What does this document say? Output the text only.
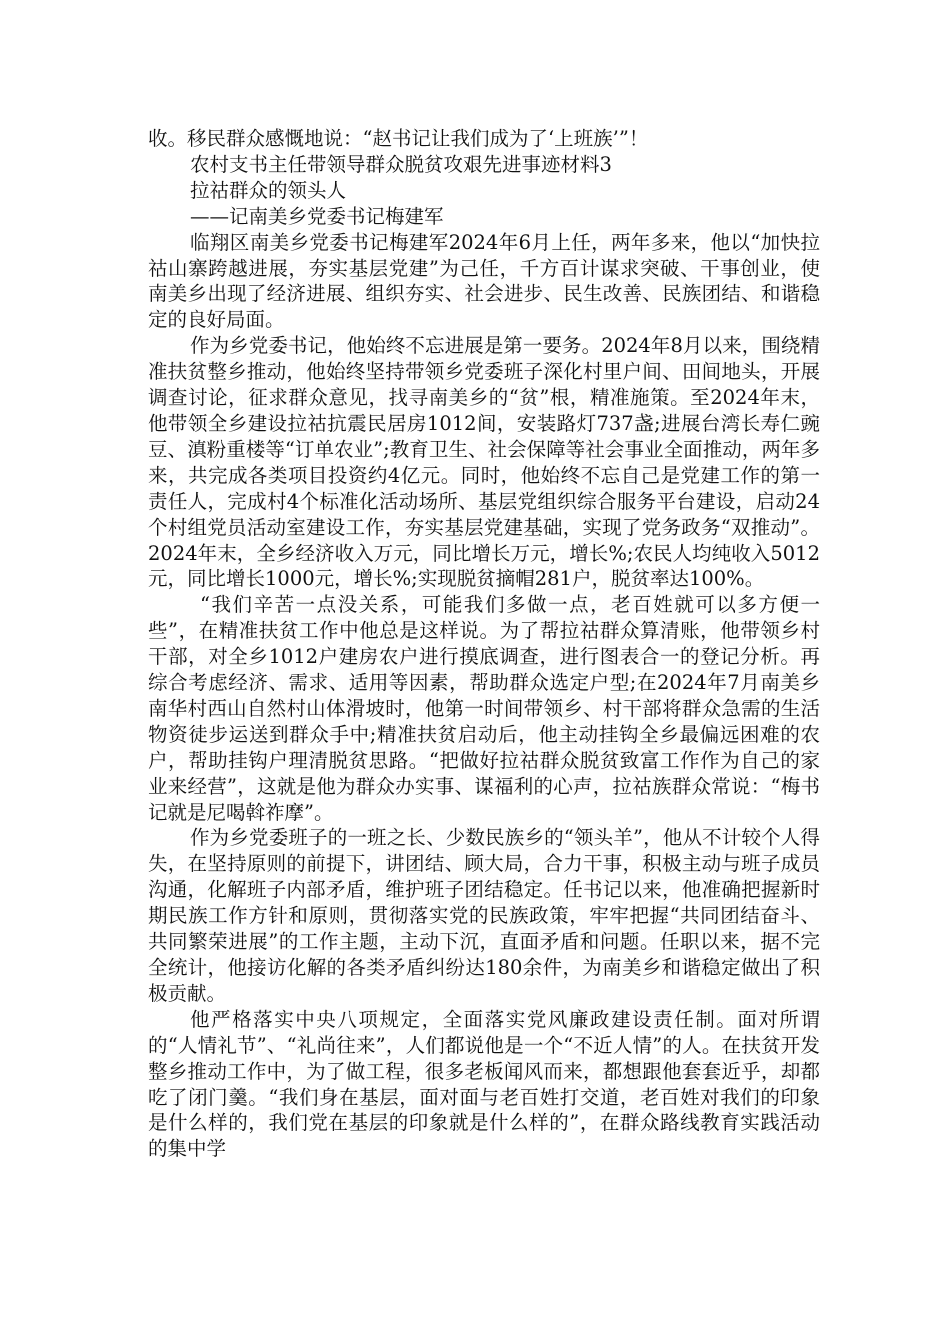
收。移民群众感慨地说：“赵书记让我们成为了‘上班族’”！

农村支书主任带领导群众脱贫攻艰先进事迹材料3

拉祜群众的领头人

——记南美乡党委书记梅建军

临翔区南美乡党委书记梅建军2024年6月上任，两年多来，他以“加快拉祜山寨跨越进展，夯实基层党建”为己任，千方百计谋求突破、干事创业，使南美乡出现了经济进展、组织夯实、社会进步、民生改善、民族团结、和谐稳定的良好局面。

作为乡党委书记，他始终不忘进展是第一要务。2024年8月以来，围绕精准扶贫整乡推动，他始终坚持带领乡党委班子深化村里户间、田间地头，开展调查讨论，征求群众意见，找寻南美乡的“贫”根，精准施策。至2024年末，他带领全乡建设拉祜抗震民居房1012间，安装路灯737盏;进展台湾长寿仁豌豆、滇粉重楼等“订单农业”;教育卫生、社会保障等社会事业全面推动，两年多来，共完成各类项目投资约4亿元。同时，他始终不忘自己是党建工作的第一责任人，完成村4个标准化活动场所、基层党组织综合服务平台建设，启动24个村组党员活动室建设工作，夯实基层党建基础，实现了党务政务“双推动”。2024年末，全乡经济收入万元，同比增长万元，增长%;农民人均纯收入5012元，同比增长1000元，增长%;实现脱贫摘帽281户，脱贫率达100%。

“我们辛苦一点没关系，可能我们多做一点，老百姓就可以多方便一些”，在精准扶贫工作中他总是这样说。为了帮拉祜群众算清账，他带领乡村干部，对全乡1012户建房农户进行摸底调查，进行图表合一的登记分析。再综合考虑经济、需求、适用等因素，帮助群众选定户型;在2024年7月南美乡南华村西山自然村山体滑坡时，他第一时间带领乡、村干部将群众急需的生活物资徒步运送到群众手中;精准扶贫启动后，他主动挂钩全乡最偏远困难的农户，帮助挂钩户理清脱贫思路。“把做好拉祜群众脱贫致富工作作为自己的家业来经营”，这就是他为群众办实事、谋福利的心声，拉祜族群众常说：“梅书记就是尼喝斡祚摩”。

作为乡党委班子的一班之长、少数民族乡的“领头羊”，他从不计较个人得失，在坚持原则的前提下，讲团结、顾大局，合力干事，积极主动与班子成员沟通，化解班子内部矛盾，维护班子团结稳定。任书记以来，他准确把握新时期民族工作方针和原则，贯彻落实党的民族政策，牢牢把握“共同团结奋斗、共同繁荣进展”的工作主题，主动下沉，直面矛盾和问题。任职以来，据不完全统计，他接访化解的各类矛盾纠纷达180余件，为南美乡和谐稳定做出了积极贡献。

他严格落实中央八项规定，全面落实党风廉政建设责任制。面对所谓的“人情礼节”、“礼尚往来”，人们都说他是一个“不近人情”的人。在扶贫开发整乡推动工作中，为了做工程，很多老板闻风而来，都想跟他套套近乎，却都吃了闭门羹。“我们身在基层，面对面与老百姓打交道，老百姓对我们的印象是什么样的，我们党在基层的印象就是什么样的”，在群众路线教育实践活动的集中学
